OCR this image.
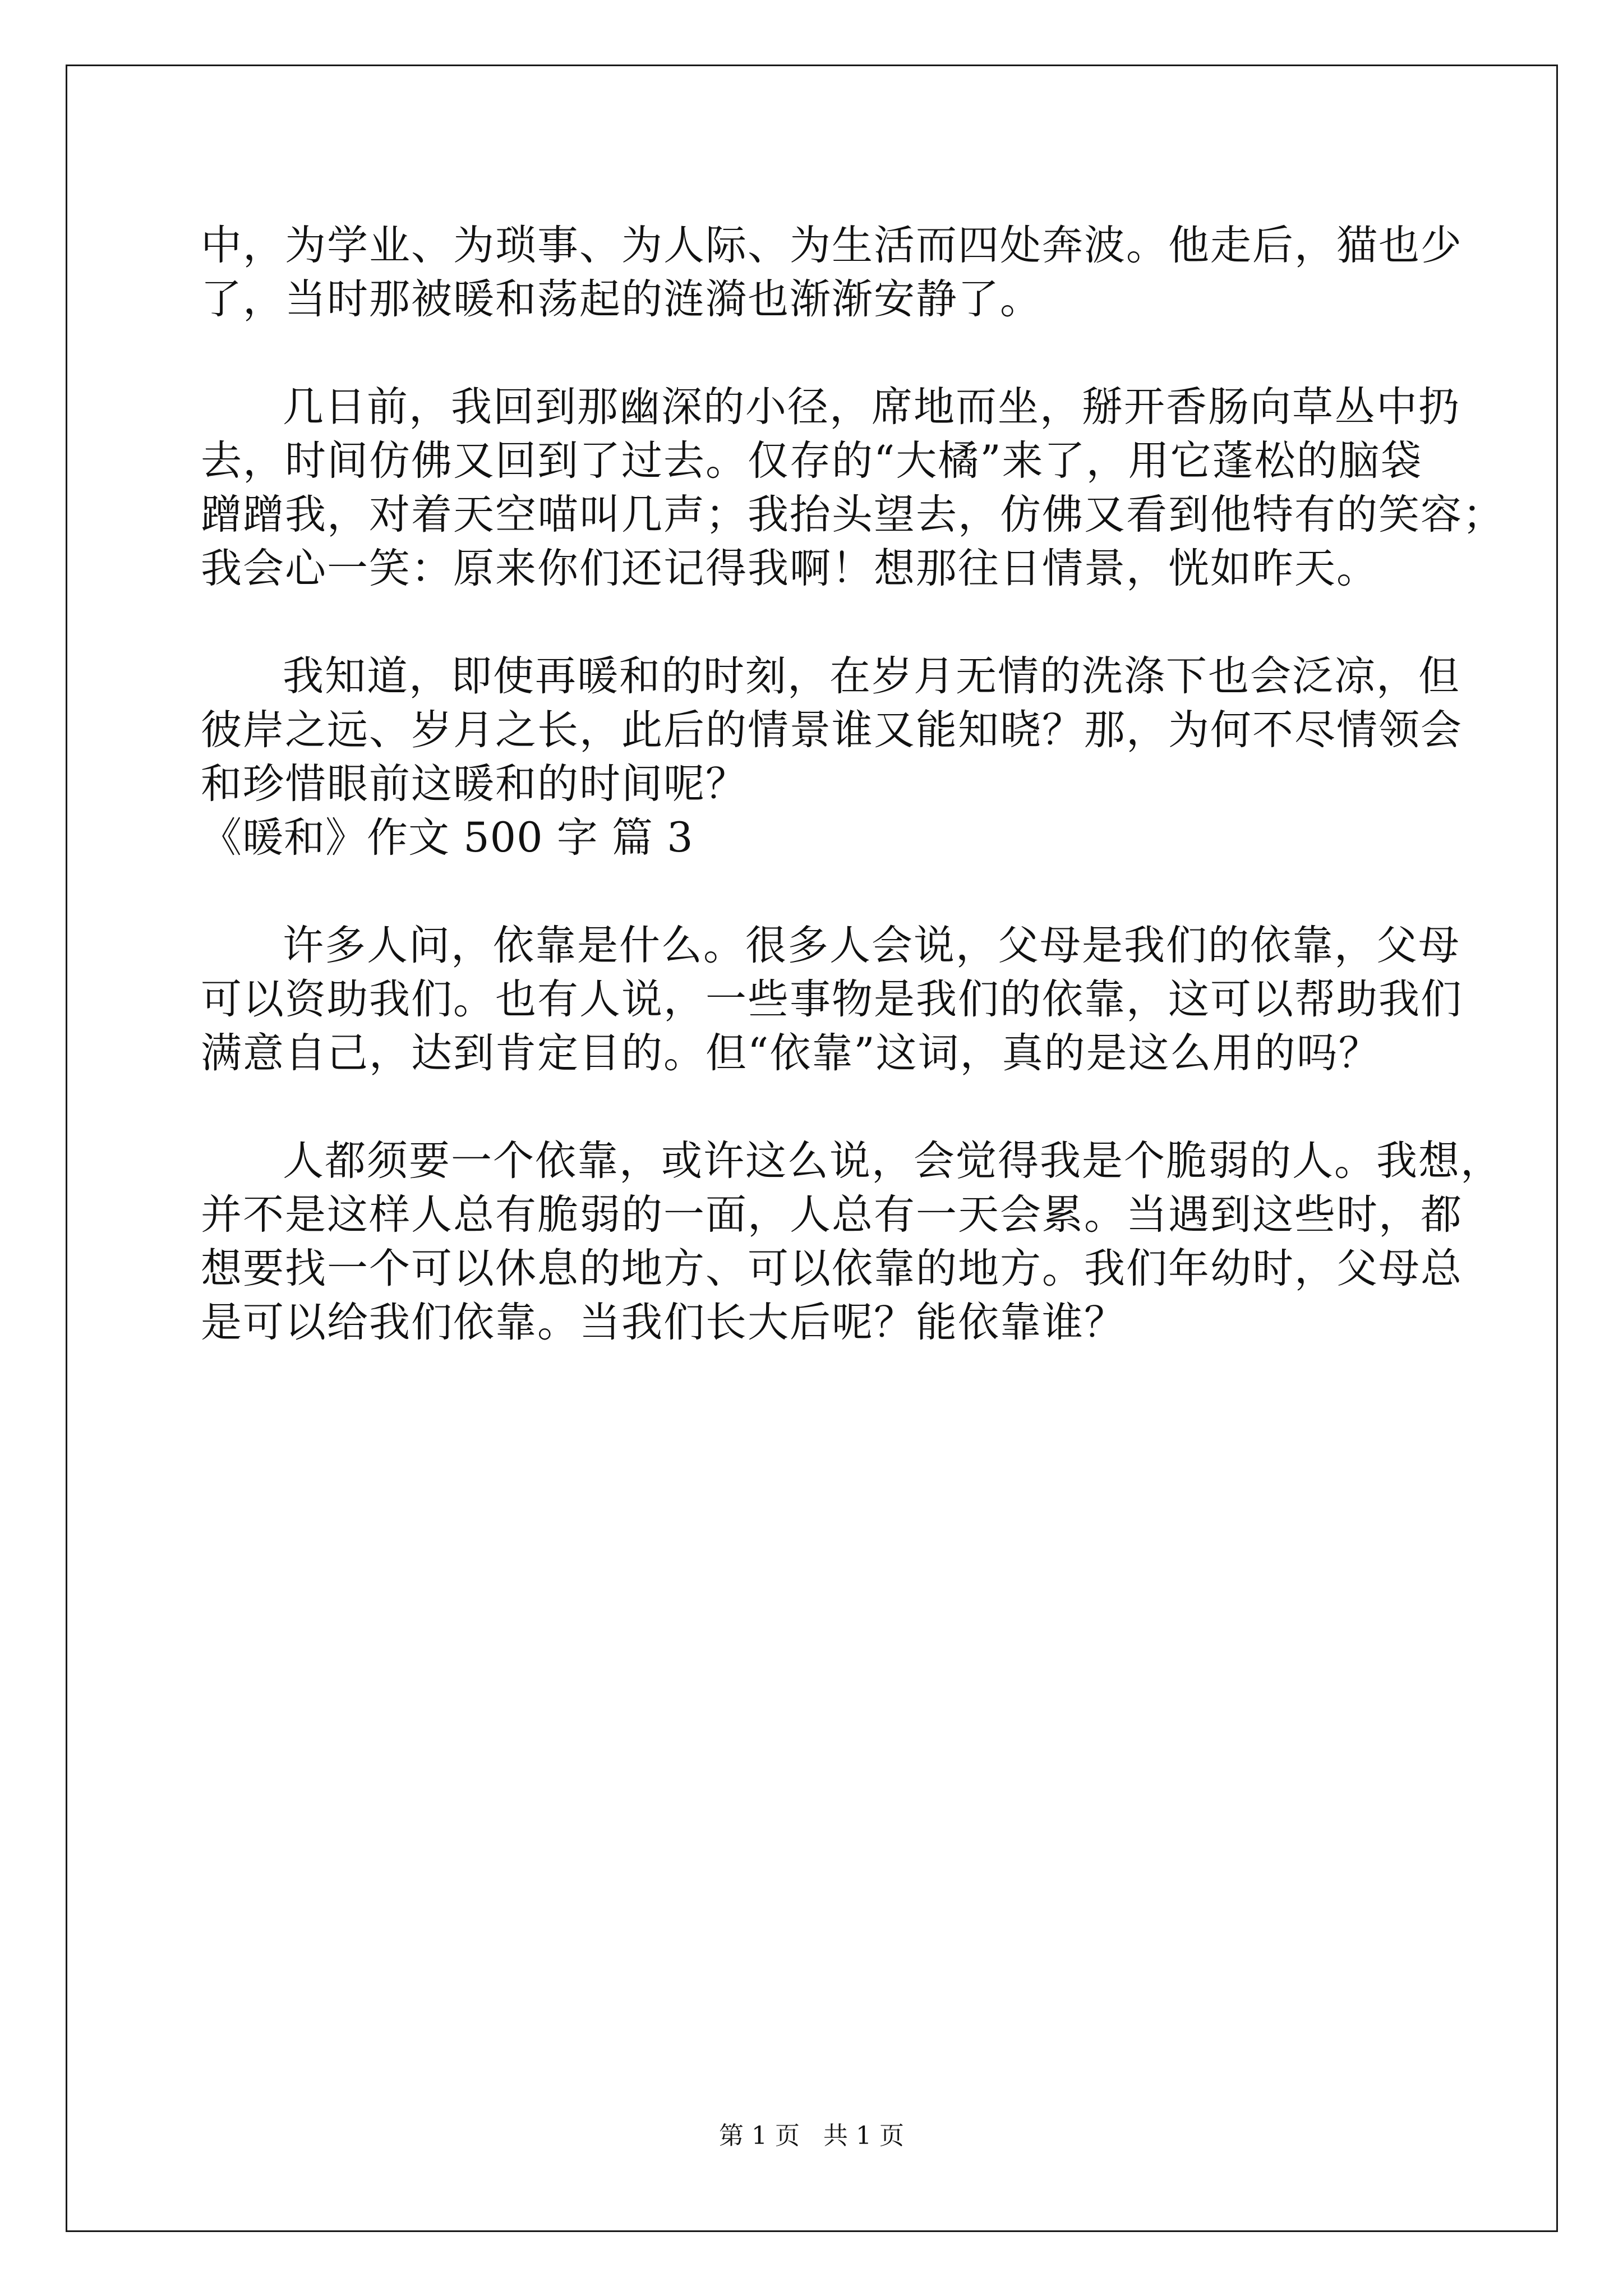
中，为学业、为琐事、为人际、为生活而四处奔波。他走后，猫也少

了，当时那被暖和荡起的涟漪也渐渐安静了。

几日前，我回到那幽深的小径，席地而坐，掰开香肠向草丛中扔

去，时间仿佛又回到了过去。仅存的“大橘”来了，用它蓬松的脑袋

蹭蹭我，对着天空喵叫几声；我抬头望去，仿佛又看到他特有的笑容；

我会心一笑：原来你们还记得我啊！想那往日情景，恍如昨天。

我知道，即使再暖和的时刻，在岁月无情的洗涤下也会泛凉，但

彼岸之远、岁月之长，此后的情景谁又能知晓？那，为何不尽情领会

和珍惜眼前这暖和的时间呢？

《暖和》作文 500 字 篇 3

许多人问，依靠是什么。很多人会说，父母是我们的依靠，父母

可以资助我们。也有人说，一些事物是我们的依靠，这可以帮助我们

满意自己，达到肯定目的。但“依靠”这词，真的是这么用的吗？

人都须要一个依靠，或许这么说，会觉得我是个脆弱的人。我想，

并不是这样人总有脆弱的一面，人总有一天会累。当遇到这些时，都

想要找一个可以休息的地方、可以依靠的地方。我们年幼时，父母总

是可以给我们依靠。当我们长大后呢？能依靠谁？

第 1 页 共 1 页
